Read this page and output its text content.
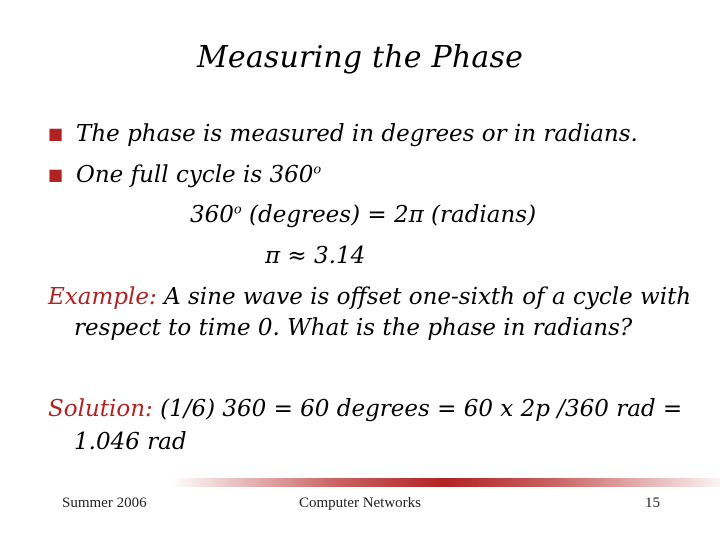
Measuring the Phase
■ The phase is measured in degrees or in radians.
■ One full cycle is 360$^o$
360$^o$ (degrees) = 2π (radians)
π ≈ 3.14
Example: A sine wave is offset one-sixth of a cycle with
respect to time 0. What is the phase in radians?
Solution: (1/6) 360 = 60 degrees = 60 x 2p /360 rad =
1.046 rad
Summer 2006	Computer Networks	15
